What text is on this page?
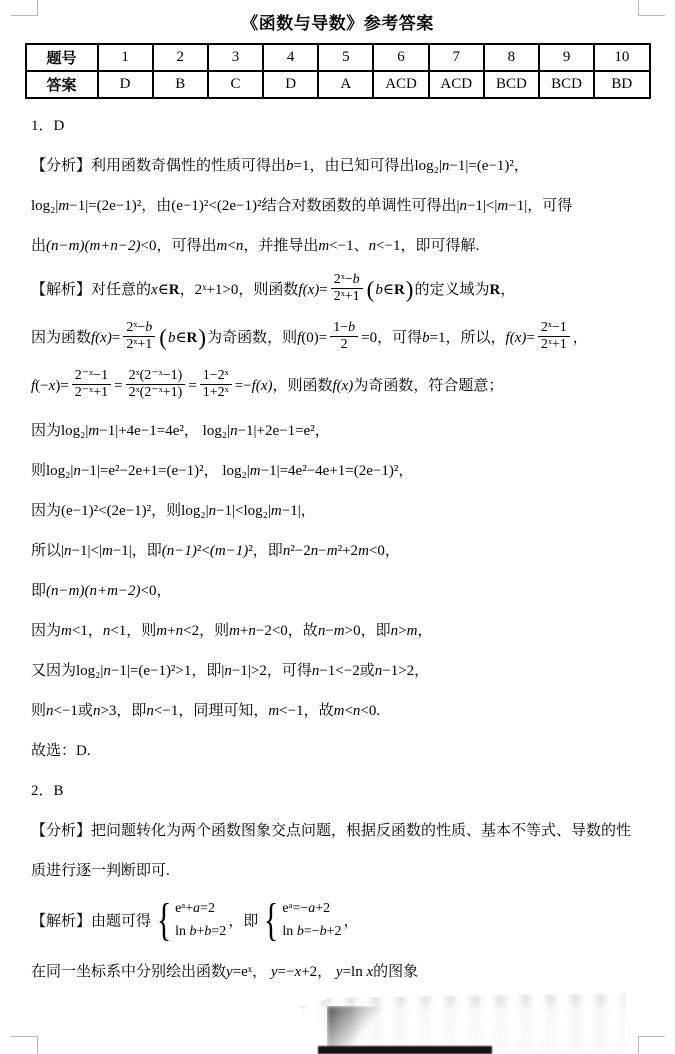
《函数与导数》参考答案
题号	1	2	3	4	5	6	7	8	9	10
答案	D	B	C	D	A	ACD	ACD	BCD	BCD	BD
1．D
【分析】利用函数奇偶性的性质可得出b=1，由已知可得出log₂|n−1|=(e−1)²，
log₂|m−1|=(2e−1)²，由(e−1)²<(2e−1)²结合对数函数的单调性可得出|n−1|<|m−1|，可得
出(n−m)(m+n−2)<0，可得出m<n，并推导出m<−1、n<−1，即可得解.
【解析】对任意的x∈R，2ˣ+1>0，则函数$f(x)= \frac{\text{2ˣ−b}}{\text{2ˣ+1}}$ (b∈R)的定义域为R，
因为函数$f(x)= \frac{\text{2ˣ−b}}{\text{2ˣ+1}}$ (b∈R)为奇函数，则$f(0)= \frac{1-b}{2} =0$，可得b=1，所以，$f(x)= \frac{\text{2ˣ−1}}{\text{2ˣ+1}}$ ，
$f(-x)= \frac{\text{2⁻ˣ−1}}{\text{2⁻ˣ+1}} = \frac{\text{2ˣ(2⁻ˣ−1)}}{\text{2ˣ(2⁻ˣ+1)}} = \frac{\text{1−2ˣ}}{\text{1+2ˣ}} =-f(x)$，则函数f(x)为奇函数，符合题意；
因为log₂|m−1|+4e−1=4e²， log₂|n−1|+2e−1=e²，
则log₂|n−1|=e²−2e+1=(e−1)²， log₂|m−1|=4e²−4e+1=(2e−1)²，
因为(e−1)²<(2e−1)²，则log₂|n−1|<log₂|m−1|，
所以|n−1|<|m−1|，即(n−1)²<(m−1)²，即n²−2n−m²+2m<0，
即(n−m)(n+m−2)<0，
因为m<1，n<1，则m+n<2，则m+n−2<0，故n−m>0，即n>m，
又因为log₂|n−1|=(e−1)²>1，即|n−1|>2，可得n−1<−2或n−1>2，
则n<−1或n>3，即n<−1，同理可知，m<−1，故m<n<0.
故选：D.
2．B
【分析】把问题转化为两个函数图象交点问题，根据反函数的性质、基本不等式、导数的性
质进行逐一判断即可.
【解析】由题可得 { eᵃ+a=2
ln b+b=2
，即 { eᵃ=−a+2
ln b=−b+2
，
在同一坐标系中分别绘出函数y=eˣ， y=−x+2， y=ln x的图象
